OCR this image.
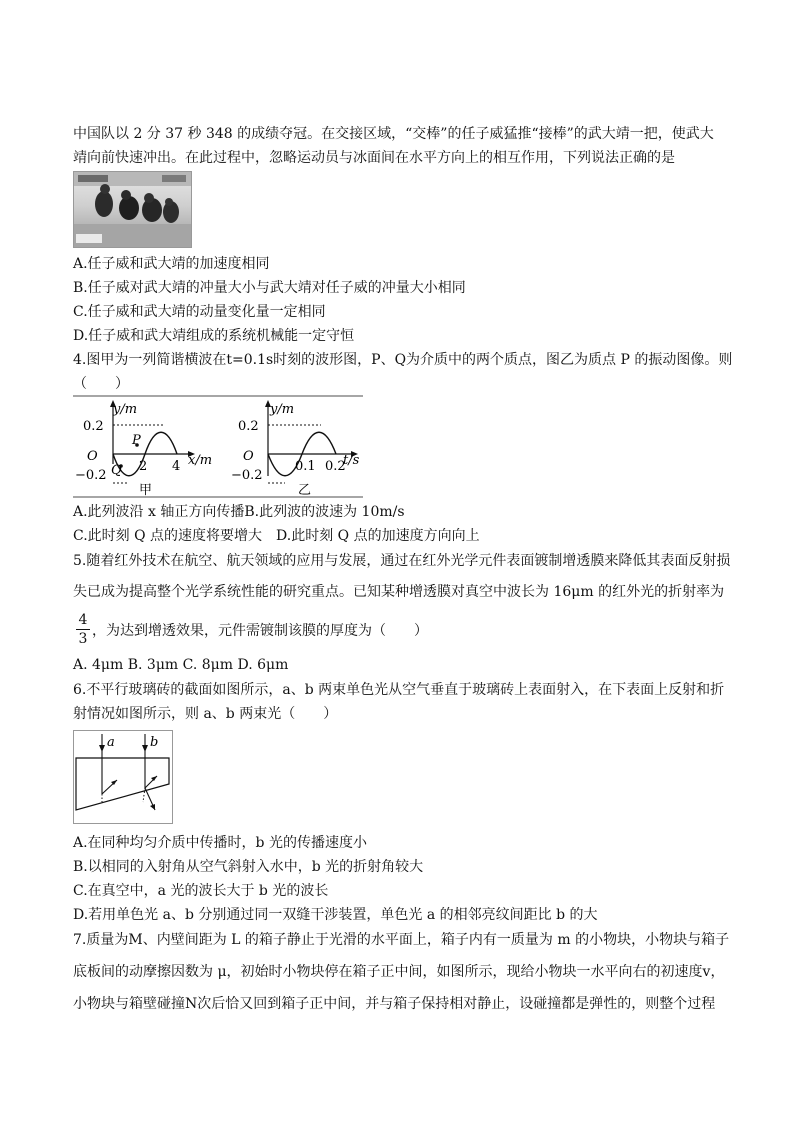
中国队以 2 分 37 秒 348 的成绩夺冠。在交接区域，“交棒”的任子威猛推“接棒”的武大靖一把，使武大
靖向前快速冲出。在此过程中，忽略运动员与冰面间在水平方向上的相互作用，下列说法正确的是
A.任子威和武大靖的加速度相同
B.任子威对武大靖的冲量大小与武大靖对任子威的冲量大小相同
C.任子威和武大靖的动量变化量一定相同
D.任子威和武大靖组成的系统机械能一定守恒
4.图甲为一列简谐横波在t=0.1s时刻的波形图，P、Q为介质中的两个质点，图乙为质点 P 的振动图像。则
（　　）
y/m
x/m
O
0.2
−0.2
P
Q 2 4
甲
y/m
t/s
O
0.2
−0.2
0.1 0.2
乙
A.此列波沿 x 轴正方向传播B.此列波的波速为 10m/s
C.此时刻 Q 点的速度将要增大　D.此时刻 Q 点的加速度方向向上
5.随着红外技术在航空、航天领域的应用与发展，通过在红外光学元件表面镀制增透膜来降低其表面反射损
失已成为提高整个光学系统性能的研究重点。已知某种增透膜对真空中波长为 16μm 的红外光的折射率为
4
3 ，为达到增透效果，元件需镀制该膜的厚度为（　　）
A. 4μm B. 3μm C. 8μm D. 6μm
6.不平行玻璃砖的截面如图所示，a、b 两束单色光从空气垂直于玻璃砖上表面射入，在下表面上反射和折
射情况如图所示，则 a、b 两束光（　　）
a	b
A.在同种均匀介质中传播时，b 光的传播速度小
B.以相同的入射角从空气斜射入水中，b 光的折射角较大
C.在真空中，a 光的波长大于 b 光的波长
D.若用单色光 a、b 分别通过同一双缝干涉装置，单色光 a 的相邻亮纹间距比 b 的大
7.质量为M、内壁间距为 L 的箱子静止于光滑的水平面上，箱子内有一质量为 m 的小物块，小物块与箱子
底板间的动摩擦因数为 μ，初始时小物块停在箱子正中间，如图所示，现给小物块一水平向右的初速度v，
小物块与箱壁碰撞N次后恰又回到箱子正中间，并与箱子保持相对静止，设碰撞都是弹性的，则整个过程
